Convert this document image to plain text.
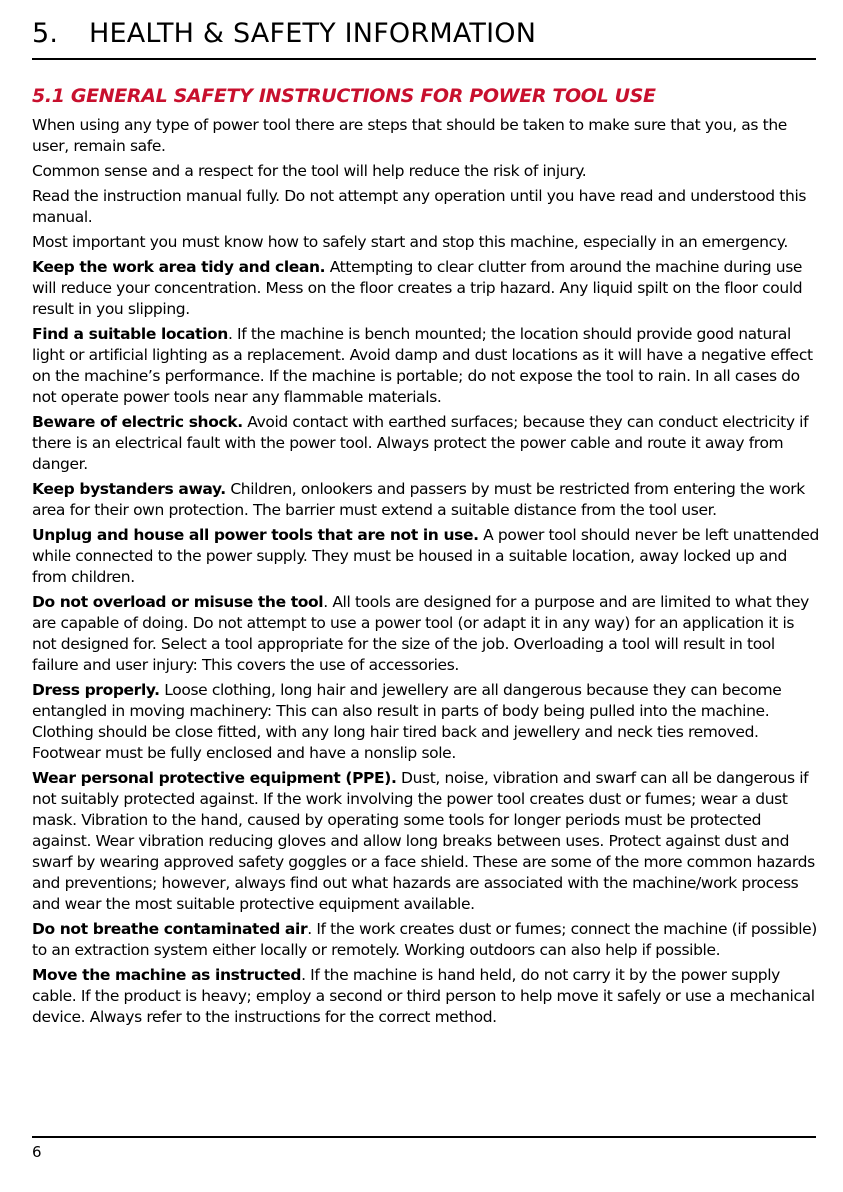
5. HEALTH & SAFETY INFORMATION
5.1 GENERAL SAFETY INSTRUCTIONS FOR POWER TOOL USE

When using any type of power tool there are steps that should be taken to make sure that you, as the user, remain safe.

Common sense and a respect for the tool will help reduce the risk of injury.

Read the instruction manual fully. Do not attempt any operation until you have read and understood this manual.

Most important you must know how to safely start and stop this machine, especially in an emergency.

Keep the work area tidy and clean. Attempting to clear clutter from around the machine during use will reduce your concentration. Mess on the floor creates a trip hazard. Any liquid spilt on the floor could result in you slipping.

Find a suitable location. If the machine is bench mounted; the location should provide good natural light or artificial lighting as a replacement. Avoid damp and dust locations as it will have a negative effect on the machine’s performance. If the machine is portable; do not expose the tool to rain. In all cases do not operate power tools near any flammable materials.

Beware of electric shock. Avoid contact with earthed surfaces; because they can conduct electricity if there is an electrical fault with the power tool. Always protect the power cable and route it away from danger.

Keep bystanders away. Children, onlookers and passers by must be restricted from entering the work area for their own protection. The barrier must extend a suitable distance from the tool user.

Unplug and house all power tools that are not in use. A power tool should never be left unattended while connected to the power supply. They must be housed in a suitable location, away locked up and from children.

Do not overload or misuse the tool. All tools are designed for a purpose and are limited to what they are capable of doing. Do not attempt to use a power tool (or adapt it in any way) for an application it is not designed for. Select a tool appropriate for the size of the job. Overloading a tool will result in tool failure and user injury: This covers the use of accessories.

Dress properly. Loose clothing, long hair and jewellery are all dangerous because they can become entangled in moving machinery: This can also result in parts of body being pulled into the machine. Clothing should be close fitted, with any long hair tired back and jewellery and neck ties removed. Footwear must be fully enclosed and have a nonslip sole.

Wear personal protective equipment (PPE). Dust, noise, vibration and swarf can all be dangerous if not suitably protected against. If the work involving the power tool creates dust or fumes; wear a dust mask. Vibration to the hand, caused by operating some tools for longer periods must be protected against. Wear vibration reducing gloves and allow long breaks between uses. Protect against dust and swarf by wearing approved safety goggles or a face shield. These are some of the more common hazards and preventions; however, always find out what hazards are associated with the machine/work process and wear the most suitable protective equipment available.

Do not breathe contaminated air. If the work creates dust or fumes; connect the machine (if possible) to an extraction system either locally or remotely. Working outdoors can also help if possible.

Move the machine as instructed. If the machine is hand held, do not carry it by the power supply cable. If the product is heavy; employ a second or third person to help move it safely or use a mechanical device. Always refer to the instructions for the correct method.

6
